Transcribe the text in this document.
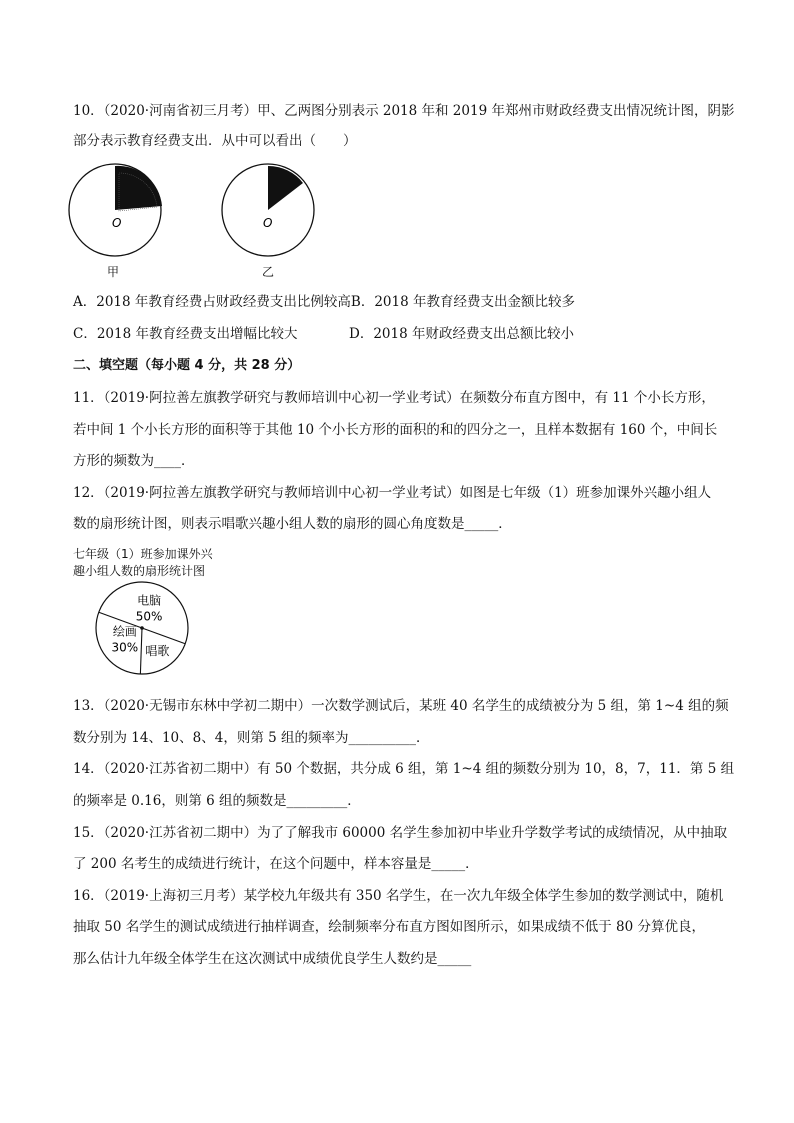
10．（2020·河南省初三月考）甲、乙两图分别表示 2018 年和 2019 年郑州市财政经费支出情况统计图，阴影
部分表示教育经费支出．从中可以看出（　　）
O	O
甲	乙
A．2018 年教育经费占财政经费支出比例较高B．2018 年教育经费支出金额比较多
C．2018 年教育经费支出增幅比较大	D．2018 年财政经费支出总额比较小
二、填空题（每小题 4 分，共 28 分）
11．（2019·阿拉善左旗教学研究与教师培训中心初一学业考试）在频数分布直方图中，有 11 个小长方形，
若中间 1 个小长方形的面积等于其他 10 个小长方形的面积的和的四分之一，且样本数据有 160 个，中间长
方形的频数为____．
12．（2019·阿拉善左旗教学研究与教师培训中心初一学业考试）如图是七年级（1）班参加课外兴趣小组人
数的扇形统计图，则表示唱歌兴趣小组人数的扇形的圆心角度数是_____．
七年级（1）班参加课外兴
趣小组人数的扇形统计图
电脑
50%
唱歌
绘画
30%
13．（2020·无锡市东林中学初二期中）一次数学测试后，某班 40 名学生的成绩被分为 5 组，第 1~4 组的频
数分别为 14、10、8、4，则第 5 组的频率为__________．
14．（2020·江苏省初二期中）有 50 个数据，共分成 6 组，第 1~4 组的频数分别为 10，8，7，11．第 5 组
的频率是 0.16，则第 6 组的频数是_________．
15．（2020·江苏省初二期中）为了了解我市 60000 名学生参加初中毕业升学数学考试的成绩情况，从中抽取
了 200 名考生的成绩进行统计，在这个问题中，样本容量是_____．
16．（2019·上海初三月考）某学校九年级共有 350 名学生，在一次九年级全体学生参加的数学测试中，随机
抽取 50 名学生的测试成绩进行抽样调查，绘制频率分布直方图如图所示，如果成绩不低于 80 分算优良，
那么估计九年级全体学生在这次测试中成绩优良学生人数约是_____
